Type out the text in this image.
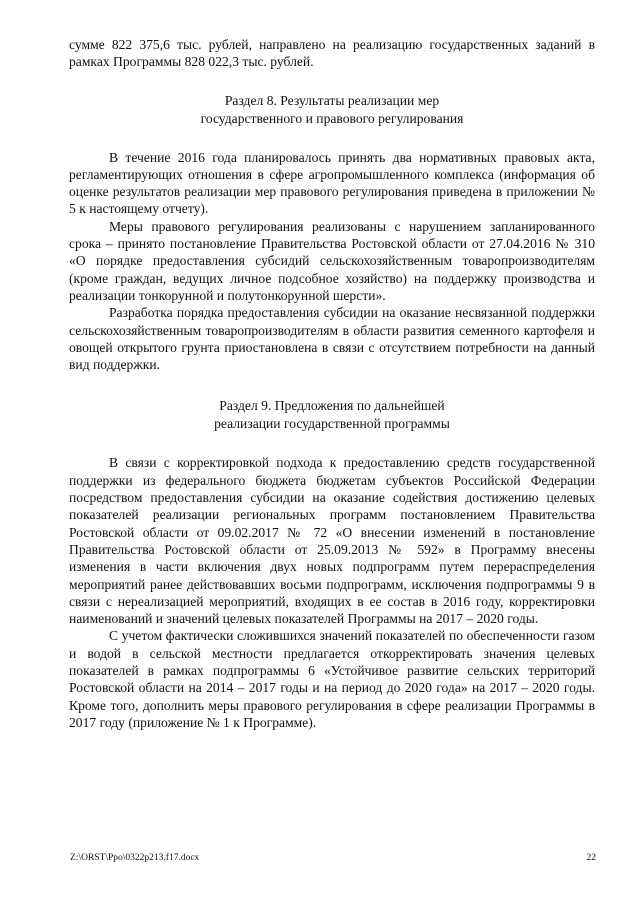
сумме 822 375,6 тыс. рублей, направлено на реализацию государственных заданий в рамках Программы 828 022,3 тыс. рублей.

Раздел 8. Результаты реализации мер
государственного и правового регулирования

В течение 2016 года планировалось принять два нормативных правовых акта, регламентирующих отношения в сфере агропромышленного комплекса (информация об оценке результатов реализации мер правового регулирования приведена в приложении № 5 к настоящему отчету).

Меры правового регулирования реализованы с нарушением запланированного срока – принято постановление Правительства Ростовской области от 27.04.2016 № 310 «О порядке предоставления субсидий сельскохозяйственным товаропроизводителям (кроме граждан, ведущих личное подсобное хозяйство) на поддержку производства и реализации тонкорунной и полутонкорунной шерсти».

Разработка порядка предоставления субсидии на оказание несвязанной поддержки сельскохозяйственным товаропроизводителям в области развития семенного картофеля и овощей открытого грунта приостановлена в связи с отсутствием потребности на данный вид поддержки.

Раздел 9. Предложения по дальнейшей
реализации государственной программы

В связи с корректировкой подхода к предоставлению средств государственной поддержки из федерального бюджета бюджетам субъектов Российской Федерации посредством предоставления субсидии на оказание содействия достижению целевых показателей реализации региональных программ постановлением Правительства Ростовской области от 09.02.2017 № 72 «О внесении изменений в постановление Правительства Ростовской области от 25.09.2013 № 592» в Программу внесены изменения в части включения двух новых подпрограмм путем перераспределения мероприятий ранее действовавших восьми подпрограмм, исключения подпрограммы 9 в связи с нереализацией мероприятий, входящих в ее состав в 2016 году, корректировки наименований и значений целевых показателей Программы на 2017 – 2020 годы.

С учетом фактически сложившихся значений показателей по обеспеченности газом и водой в сельской местности предлагается откорректировать значения целевых показателей в рамках подпрограммы 6 «Устойчивое развитие сельских территорий Ростовской области на 2014 – 2017 годы и на период до 2020 года» на 2017 – 2020 годы. Кроме того, дополнить меры правового регулирования в сфере реализации Программы в 2017 году (приложение № 1 к Программе).

Z:\ORST\Ppo\0322p213.f17.docx	22
